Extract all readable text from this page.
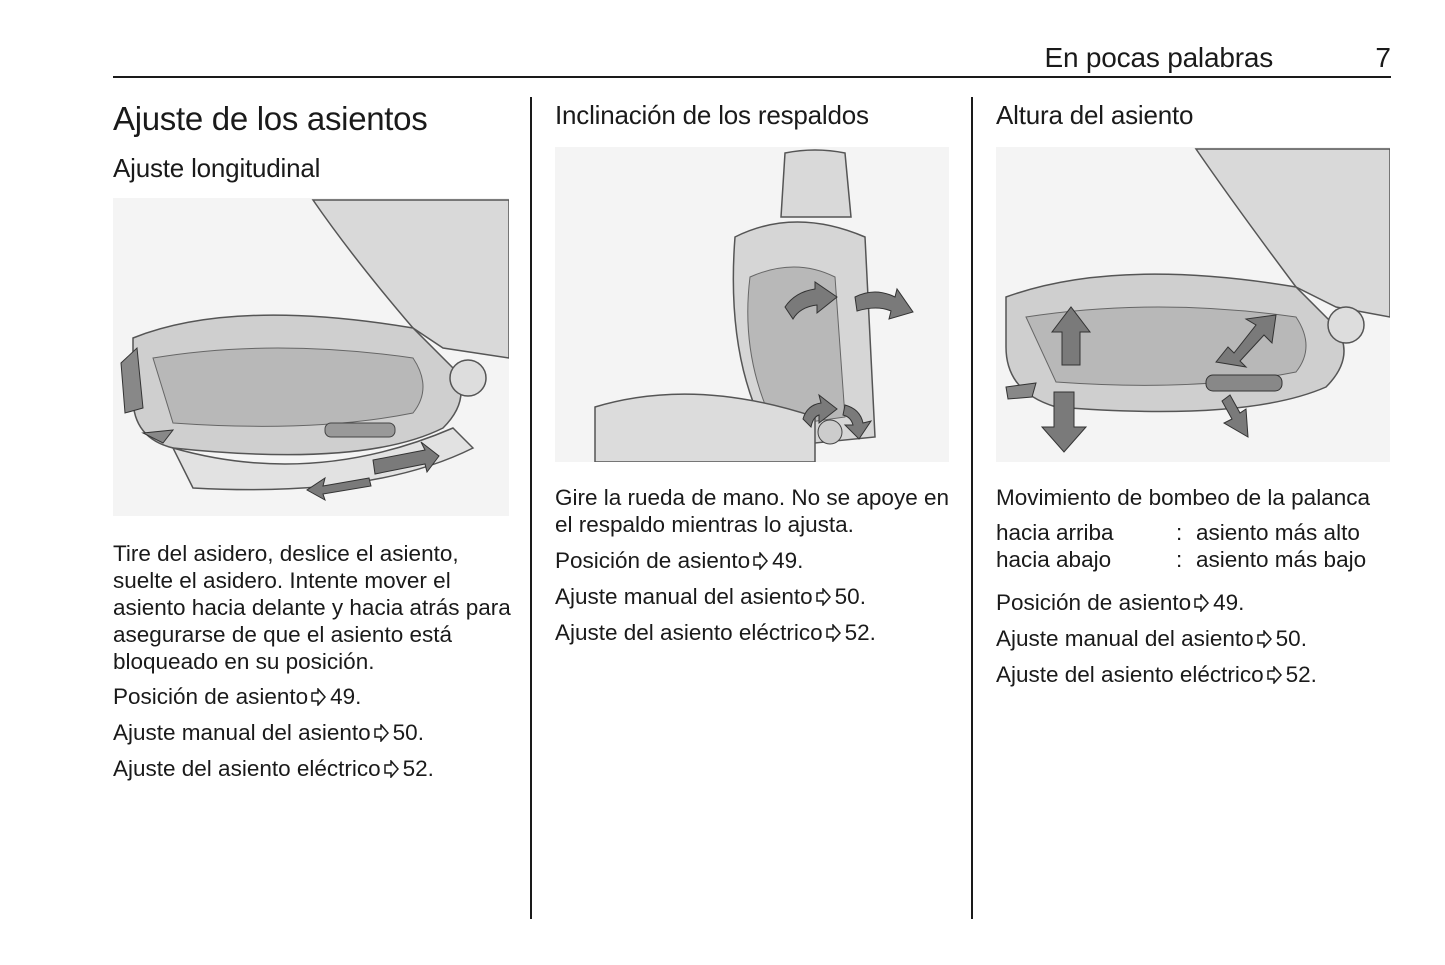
En pocas palabras	7
Ajuste de los asientos
Ajuste longitudinal

Tire del asidero, deslice el asiento, suelte el asidero. Intente mover el asiento hacia delante y hacia atrás para asegurarse de que el asiento está bloqueado en su posición.

Posición de asiento 49.
Ajuste manual del asiento 50.
Ajuste del asiento eléctrico 52.
Inclinación de los respaldos

Gire la rueda de mano. No se apoye en el respaldo mientras lo ajusta.

Posición de asiento 49.
Ajuste manual del asiento 50.
Ajuste del asiento eléctrico 52.
Altura del asiento

Movimiento de bombeo de la palanca

hacia arriba	: asiento más alto
hacia abajo	: asiento más bajo
Posición de asiento 49.
Ajuste manual del asiento 50.
Ajuste del asiento eléctrico 52.
